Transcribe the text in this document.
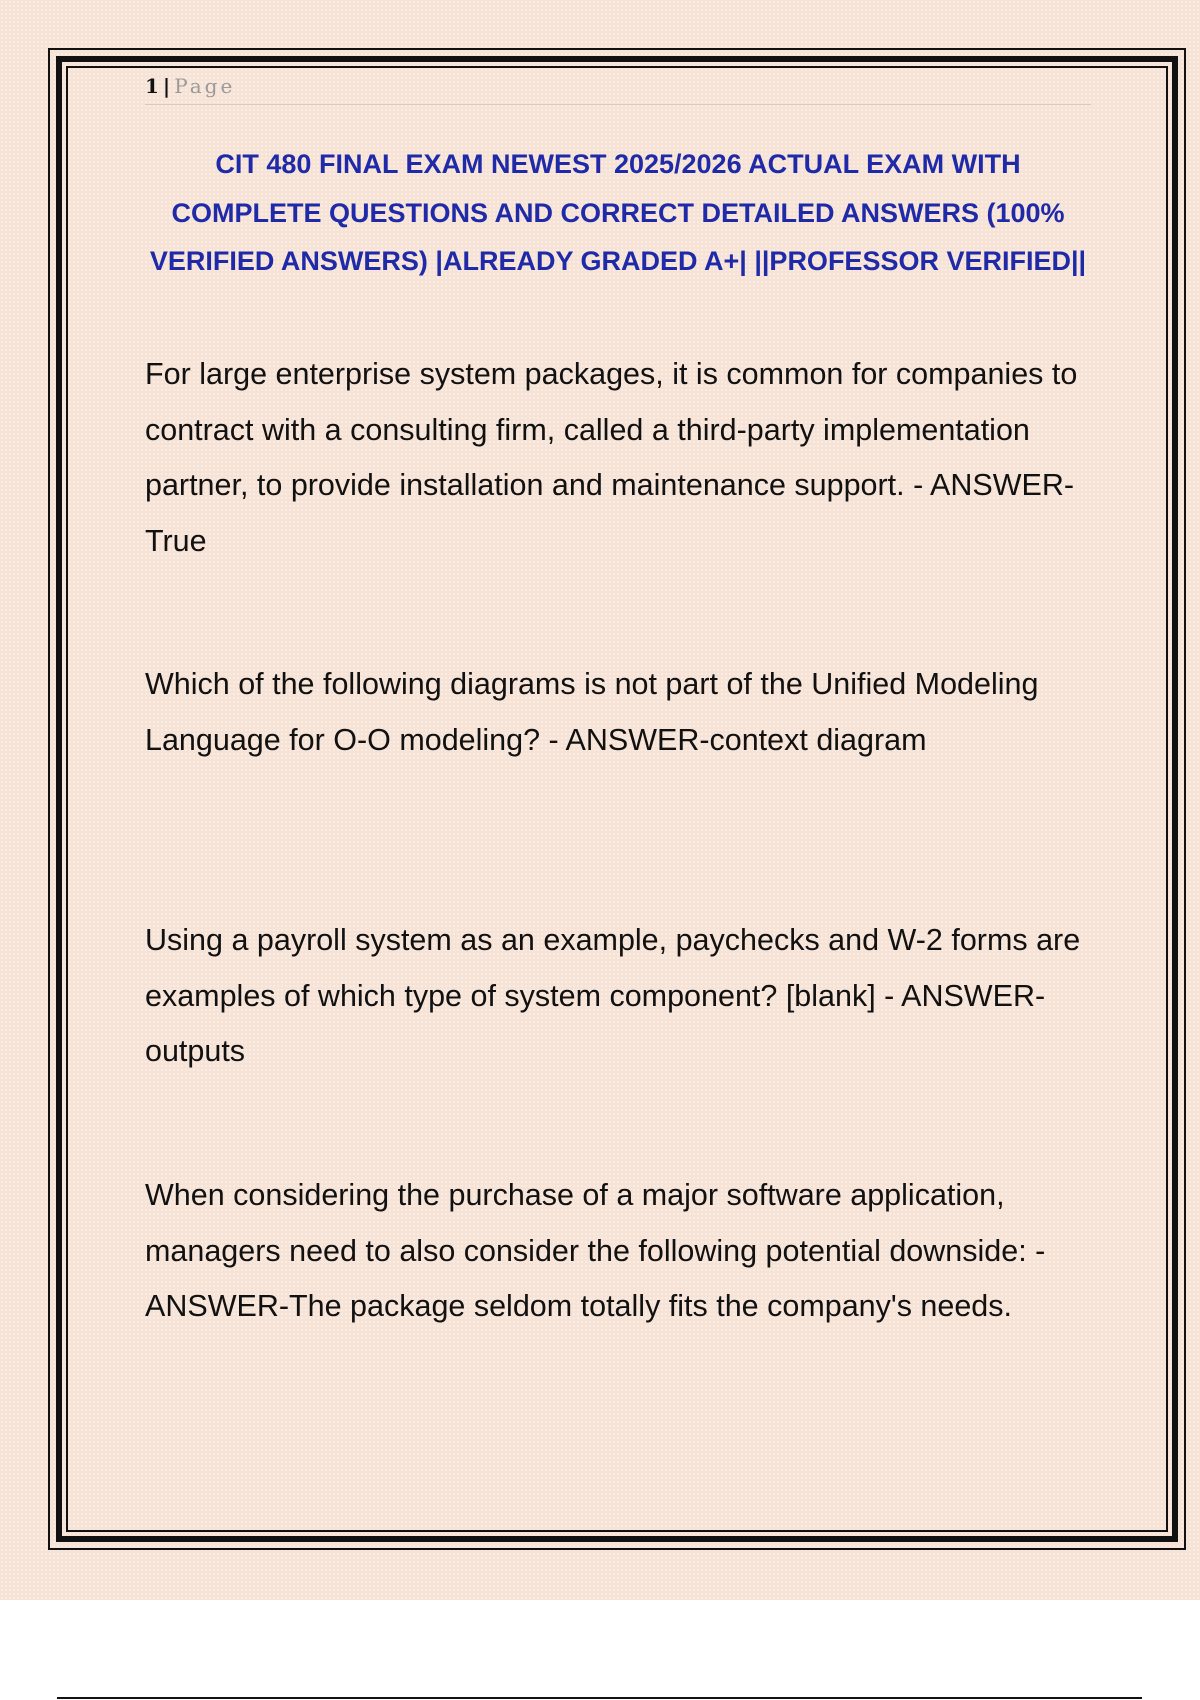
1 | Page
CIT 480 FINAL EXAM NEWEST 2025/2026 ACTUAL EXAM WITH COMPLETE QUESTIONS AND CORRECT DETAILED ANSWERS (100% VERIFIED ANSWERS) |ALREADY GRADED A+| ||PROFESSOR VERIFIED||
For large enterprise system packages, it is common for companies to contract with a consulting firm, called a third-party implementation partner, to provide installation and maintenance support. - ANSWER-True
Which of the following diagrams is not part of the Unified Modeling Language for O-O modeling? - ANSWER-context diagram
Using a payroll system as an example, paychecks and W-2 forms are examples of which type of system component? [blank] - ANSWER-outputs
When considering the purchase of a major software application, managers need to also consider the following potential downside: - ANSWER-The package seldom totally fits the company's needs.
